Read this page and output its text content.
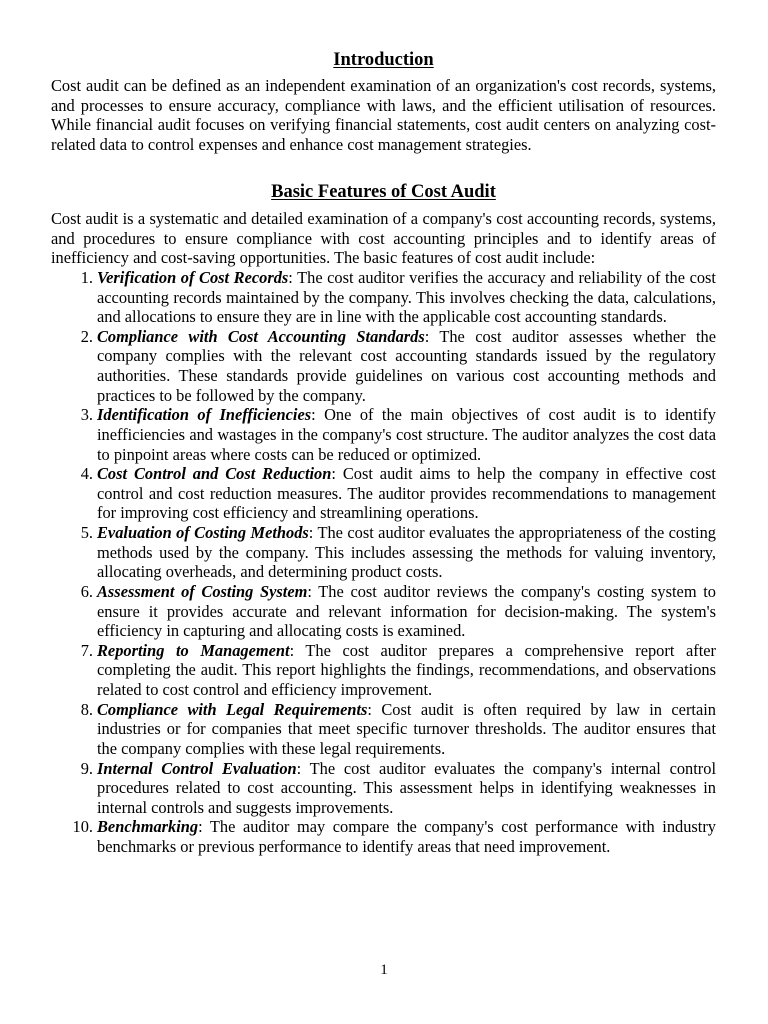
Introduction

Cost audit can be defined as an independent examination of an organization's cost records, systems, and processes to ensure accuracy, compliance with laws, and the efficient utilisation of resources. While financial audit focuses on verifying financial statements, cost audit centers on analyzing cost-related data to control expenses and enhance cost management strategies.

Basic Features of Cost Audit

Cost audit is a systematic and detailed examination of a company's cost accounting records, systems, and procedures to ensure compliance with cost accounting principles and to identify areas of inefficiency and cost-saving opportunities. The basic features of cost audit include:

1. Verification of Cost Records: The cost auditor verifies the accuracy and reliability of the cost accounting records maintained by the company. This involves checking the data, calculations, and allocations to ensure they are in line with the applicable cost accounting standards.
2. Compliance with Cost Accounting Standards: The cost auditor assesses whether the company complies with the relevant cost accounting standards issued by the regulatory authorities. These standards provide guidelines on various cost accounting methods and practices to be followed by the company.
3. Identification of Inefficiencies: One of the main objectives of cost audit is to identify inefficiencies and wastages in the company's cost structure. The auditor analyzes the cost data to pinpoint areas where costs can be reduced or optimized.
4. Cost Control and Cost Reduction: Cost audit aims to help the company in effective cost control and cost reduction measures. The auditor provides recommendations to management for improving cost efficiency and streamlining operations.
5. Evaluation of Costing Methods: The cost auditor evaluates the appropriateness of the costing methods used by the company. This includes assessing the methods for valuing inventory, allocating overheads, and determining product costs.
6. Assessment of Costing System: The cost auditor reviews the company's costing system to ensure it provides accurate and relevant information for decision-making. The system's efficiency in capturing and allocating costs is examined.
7. Reporting to Management: The cost auditor prepares a comprehensive report after completing the audit. This report highlights the findings, recommendations, and observations related to cost control and efficiency improvement.
8. Compliance with Legal Requirements: Cost audit is often required by law in certain industries or for companies that meet specific turnover thresholds. The auditor ensures that the company complies with these legal requirements.
9. Internal Control Evaluation: The cost auditor evaluates the company's internal control procedures related to cost accounting. This assessment helps in identifying weaknesses in internal controls and suggests improvements.
10. Benchmarking: The auditor may compare the company's cost performance with industry benchmarks or previous performance to identify areas that need improvement.
1
